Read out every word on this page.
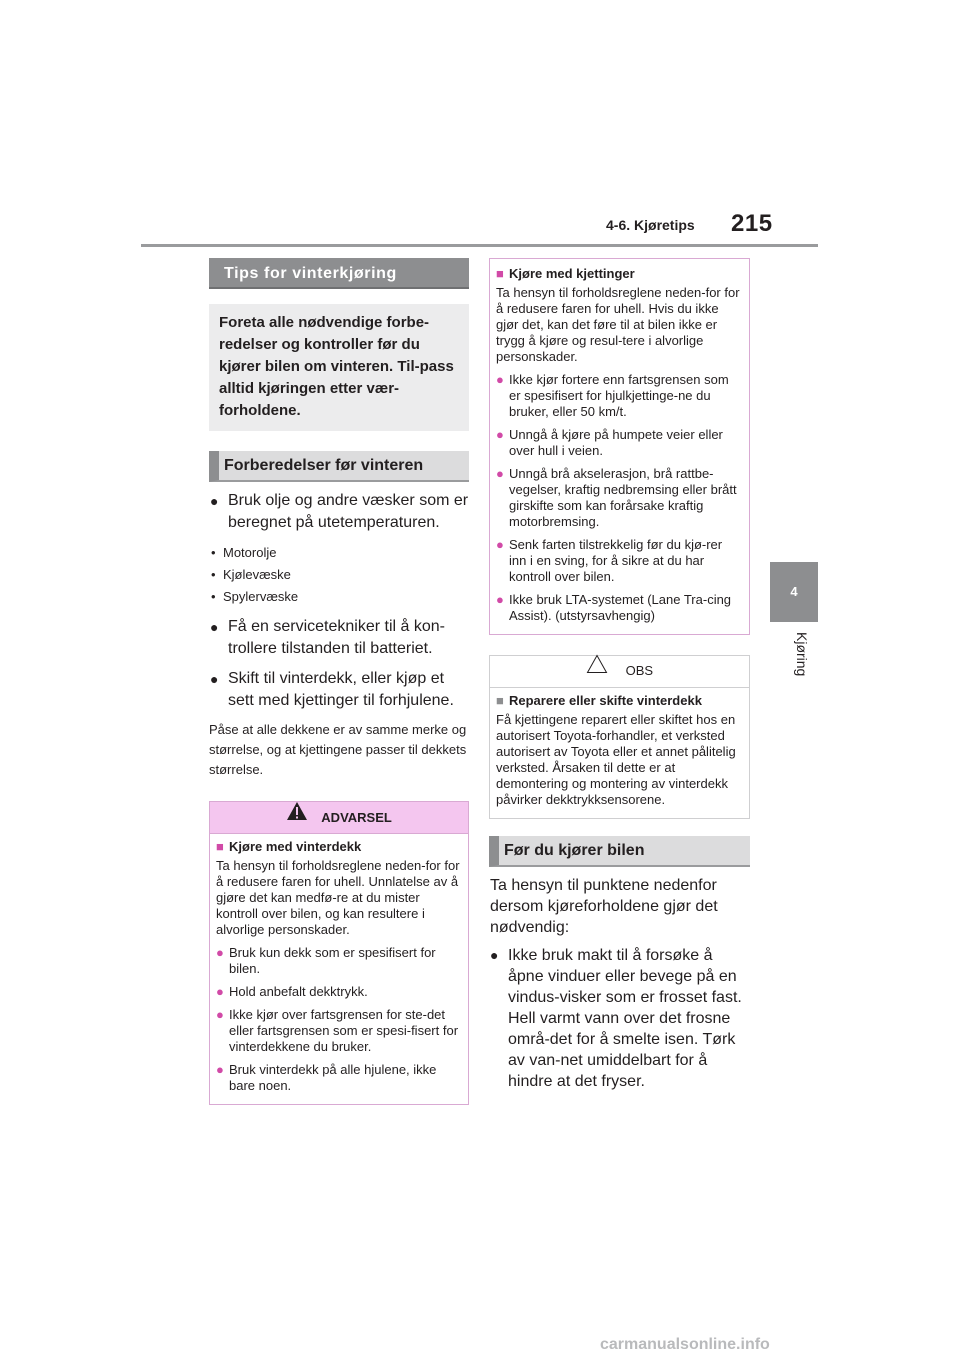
4-6. Kjøretips 215
4
Kjøring
Tips for vinterkjøring
Foreta alle nødvendige forbe-redelser og kontroller før du kjører bilen om vinteren. Til-pass alltid kjøringen etter vær-forholdene.
Forberedelser før vinteren
● Bruk olje og andre væsker som er beregnet på utetemperaturen.
• Motorolje
• Kjølevæske
• Spylervæske
● Få en servicetekniker til å kon-trollere tilstanden til batteriet.
● Skift til vinterdekk, eller kjøp et sett med kjettinger til forhjulene.
Påse at alle dekkene er av samme merke og størrelse, og at kjettingene passer til dekkets størrelse.
ADVARSEL
■ Kjøre med vinterdekk
Ta hensyn til forholdsreglene neden-for for å redusere faren for uhell. Unnlatelse av å gjøre det kan medfø-re at du mister kontroll over bilen, og kan resultere i alvorlige personskader.
● Bruk kun dekk som er spesifisert for bilen.
● Hold anbefalt dekktrykk.
● Ikke kjør over fartsgrensen for ste-det eller fartsgrensen som er spesi-fisert for vinterdekkene du bruker.
● Bruk vinterdekk på alle hjulene, ikke bare noen.
■ Kjøre med kjettinger
Ta hensyn til forholdsreglene neden-for for å redusere faren for uhell. Hvis du ikke gjør det, kan det føre til at bilen ikke er trygg å kjøre og resul-tere i alvorlige personskader.
● Ikke kjør fortere enn fartsgrensen som er spesifisert for hjulkjettinge-ne du bruker, eller 50 km/t.
● Unngå å kjøre på humpete veier eller over hull i veien.
● Unngå brå akselerasjon, brå rattbe-vegelser, kraftig nedbremsing eller brått girskifte som kan forårsake kraftig motorbremsing.
● Senk farten tilstrekkelig før du kjø-rer inn i en sving, for å sikre at du har kontroll over bilen.
● Ikke bruk LTA-systemet (Lane Tra-cing Assist). (utstyrsavhengig)
OBS
■ Reparere eller skifte vinterdekk
Få kjettingene reparert eller skiftet hos en autorisert Toyota-forhandler, et verksted autorisert av Toyota eller et annet pålitelig verksted. Årsaken til dette er at demontering og montering av vinterdekk påvirker dekktrykksensorene.
Før du kjører bilen
Ta hensyn til punktene nedenfor dersom kjøreforholdene gjør det nødvendig:
● Ikke bruk makt til å forsøke å åpne vinduer eller bevege på en vindus-visker som er frosset fast. Hell varmt vann over det frosne områ-det for å smelte isen. Tørk av van-net umiddelbart for å hindre at det fryser.
carmanualsonline.info
